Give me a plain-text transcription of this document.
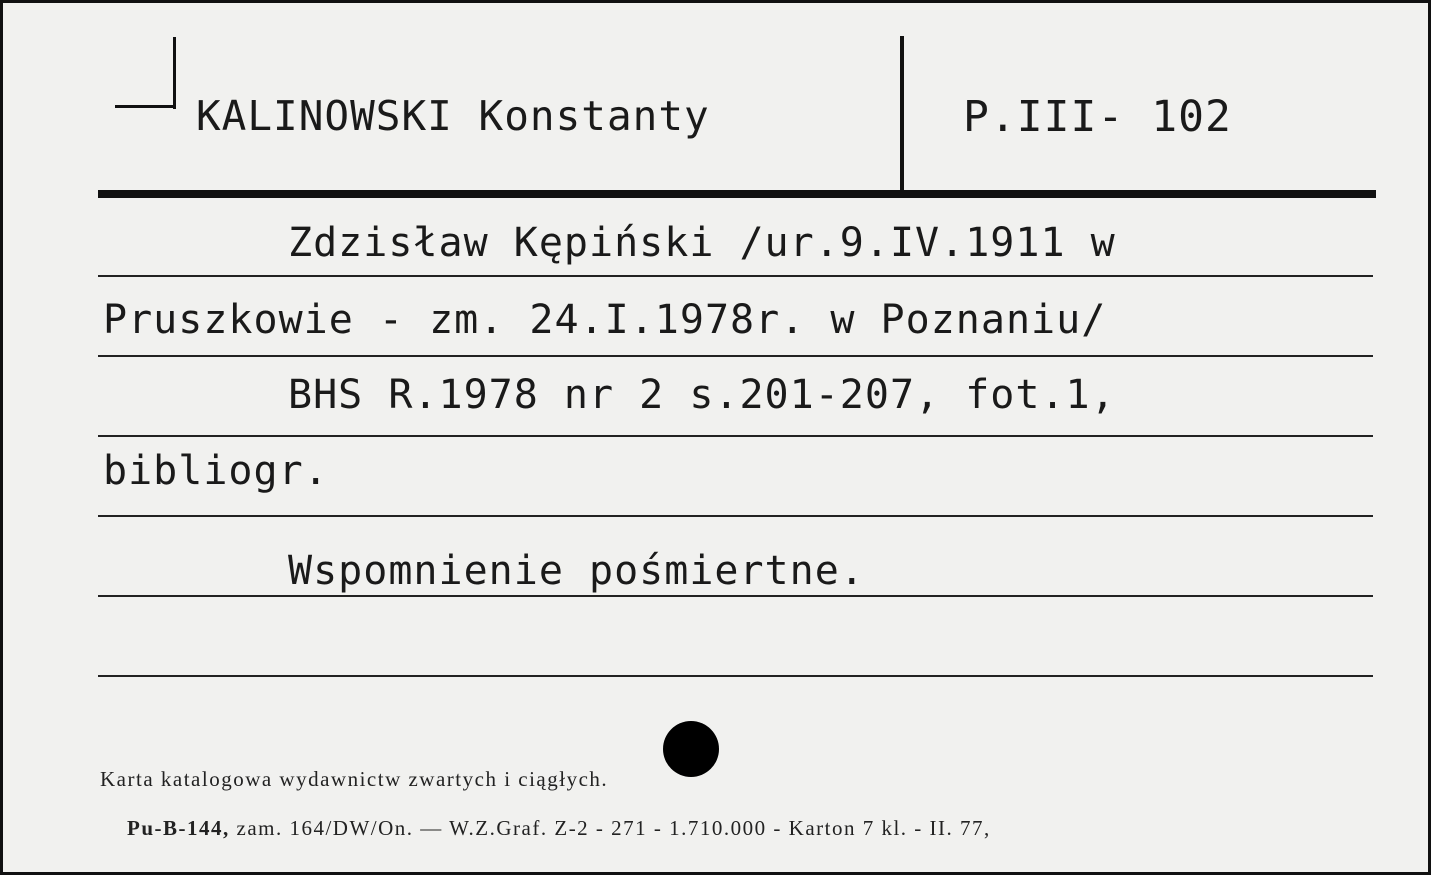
KALINOWSKI Konstanty	P.III- 102
Zdzisław Kępiński /ur.9.IV.1911 w
Pruszkowie - zm. 24.I.1978r. w Poznaniu/
BHS R.1978 nr 2 s.201-207, fot.1,
bibliogr.
Wspomnienie pośmiertne.
Karta katalogowa wydawnictw zwartych i ciągłych.

Pu-B-144, zam. 164/DW/On. — W.Z.Graf. Z-2 - 271 - 1.710.000 - Karton 7 kl. - II. 77,
